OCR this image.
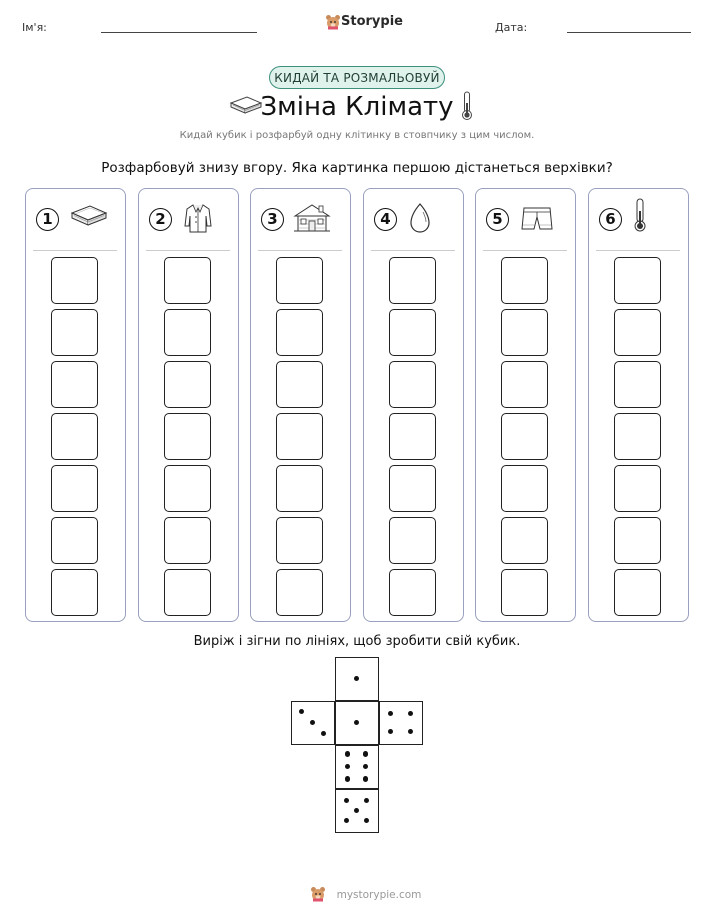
Ім'я:	Storypie	Дата:
КИДАЙ ТА РОЗМАЛЬОВУЙ
Зміна Клімату
Кидай кубик і розфарбуй одну клітинку в стовпчику з цим числом.
Розфарбовуй знизу вгору. Яка картинка першою дістанеться верхівки?
1	2	3	4	5	6
Виріж і зігни по лініях, щоб зробити свій кубик.
mystorypie.com
